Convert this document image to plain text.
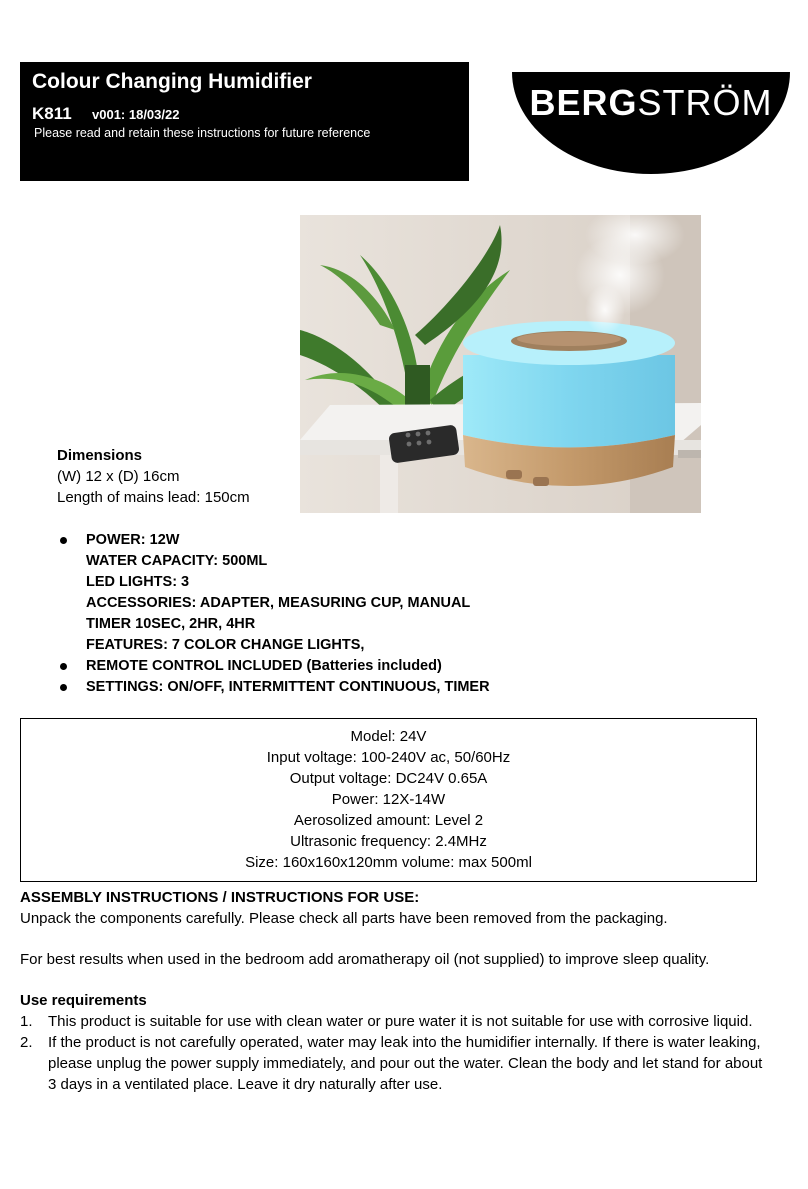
Colour Changing Humidifier
K811 v001: 18/03/22
Please read and retain these instructions for future reference
BERGSTRÖM
Dimensions
(W) 12 x (D) 16cm
Length of mains lead: 150cm
POWER: 12W
WATER CAPACITY: 500ML
LED LIGHTS: 3
ACCESSORIES: ADAPTER, MEASURING CUP, MANUAL
TIMER 10SEC, 2HR, 4HR
FEATURES: 7 COLOR CHANGE LIGHTS,
REMOTE CONTROL INCLUDED (Batteries included)
SETTINGS: ON/OFF, INTERMITTENT CONTINUOUS, TIMER
Model: 24V
Input voltage: 100-240V ac, 50/60Hz
Output voltage: DC24V 0.65A
Power: 12X-14W
Aerosolized amount: Level 2
Ultrasonic frequency: 2.4MHz
Size: 160x160x120mm volume: max 500ml

ASSEMBLY INSTRUCTIONS / INSTRUCTIONS FOR USE:

Unpack the components carefully. Please check all parts have been removed from the packaging.

For best results when used in the bedroom add aromatherapy oil (not supplied) to improve sleep quality.

Use requirements

1. This product is suitable for use with clean water or pure water it is not suitable for use with corrosive liquid.
2. If the product is not carefully operated, water may leak into the humidifier internally. If there is water leaking, please unplug the power supply immediately, and pour out the water. Clean the body and let stand for about 3 days in a ventilated place. Leave it dry naturally after use.
